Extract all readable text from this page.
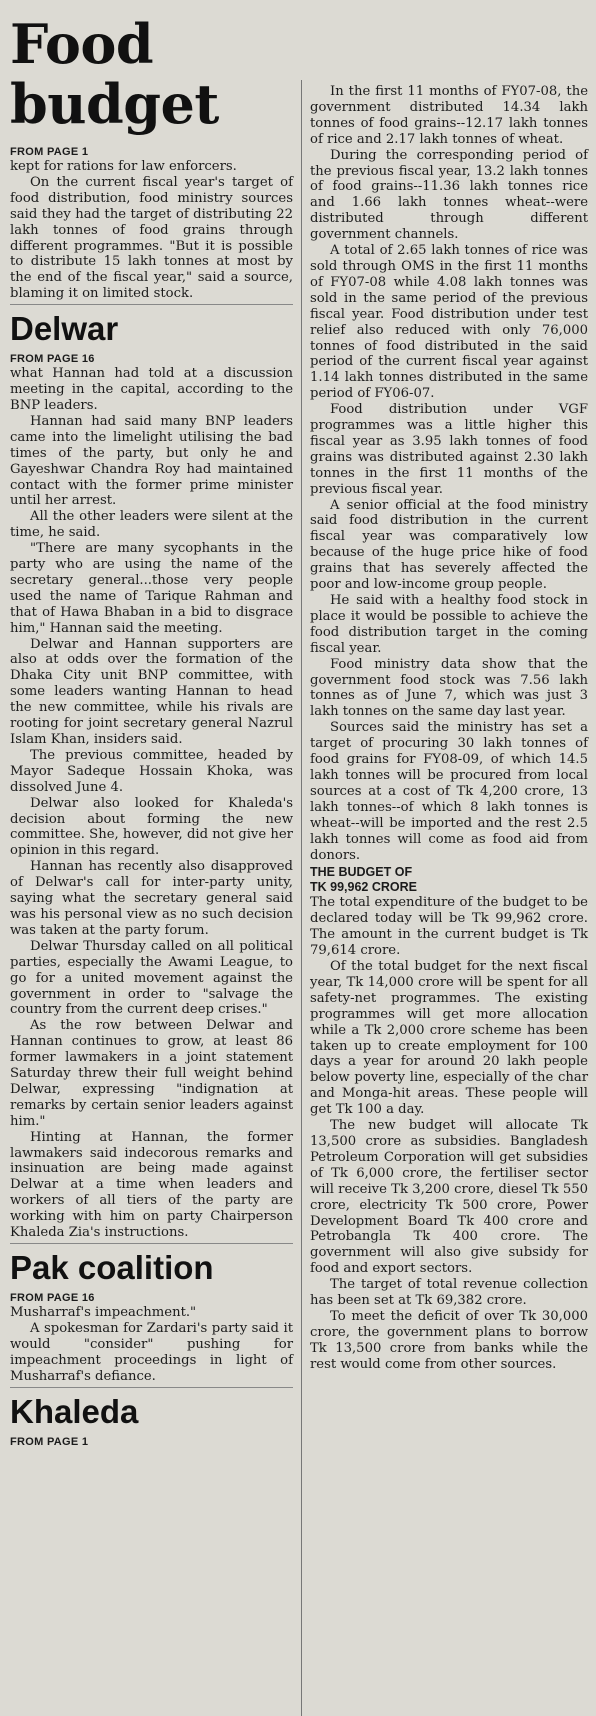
Food budget
FROM PAGE 1

kept for rations for law enforcers.

On the current fiscal year's target of food distribution, food ministry sources said they had the target of distributing 22 lakh tonnes of food grains through different programmes. "But it is possible to distribute 15 lakh tonnes at most by the end of the fiscal year," said a source, blaming it on limited stock.

Delwar
FROM PAGE 16

what Hannan had told at a discussion meeting in the capital, according to the BNP leaders.

Hannan had said many BNP leaders came into the limelight utilising the bad times of the party, but only he and Gayeshwar Chandra Roy had maintained contact with the former prime minister until her arrest.

All the other leaders were silent at the time, he said.

"There are many sycophants in the party who are using the name of the secretary general...those very people used the name of Tarique Rahman and that of Hawa Bhaban in a bid to disgrace him," Hannan said the meeting.

Delwar and Hannan supporters are also at odds over the formation of the Dhaka City unit BNP committee, with some leaders wanting Hannan to head the new committee, while his rivals are rooting for joint secretary general Nazrul Islam Khan, insiders said.

The previous committee, headed by Mayor Sadeque Hossain Khoka, was dissolved June 4.

Delwar also looked for Khaleda's decision about forming the new committee. She, however, did not give her opinion in this regard.

Hannan has recently also disapproved of Delwar's call for inter-party unity, saying what the secretary general said was his personal view as no such decision was taken at the party forum.

Delwar Thursday called on all political parties, especially the Awami League, to go for a united movement against the government in order to "salvage the country from the current deep crises."

As the row between Delwar and Hannan continues to grow, at least 86 former lawmakers in a joint statement Saturday threw their full weight behind Delwar, expressing "indignation at remarks by certain senior leaders against him."

Hinting at Hannan, the former lawmakers said indecorous remarks and insinuation are being made against Delwar at a time when leaders and workers of all tiers of the party are working with him on party Chairperson Khaleda Zia's instructions.

Pak coalition
FROM PAGE 16

Musharraf's impeachment."

A spokesman for Zardari's party said it would "consider" pushing for impeachment proceedings in light of Musharraf's defiance.

Khaleda
FROM PAGE 1

In the first 11 months of FY07-08, the government distributed 14.34 lakh tonnes of food grains--12.17 lakh tonnes of rice and 2.17 lakh tonnes of wheat.

During the corresponding period of the previous fiscal year, 13.2 lakh tonnes of food grains--11.36 lakh tonnes rice and 1.66 lakh tonnes wheat--were distributed through different government channels.

A total of 2.65 lakh tonnes of rice was sold through OMS in the first 11 months of FY07-08 while 4.08 lakh tonnes was sold in the same period of the previous fiscal year. Food distribution under test relief also reduced with only 76,000 tonnes of food distributed in the said period of the current fiscal year against 1.14 lakh tonnes distributed in the same period of FY06-07.

Food distribution under VGF programmes was a little higher this fiscal year as 3.95 lakh tonnes of food grains was distributed against 2.30 lakh tonnes in the first 11 months of the previous fiscal year.

A senior official at the food ministry said food distribution in the current fiscal year was comparatively low because of the huge price hike of food grains that has severely affected the poor and low-income group people.

He said with a healthy food stock in place it would be possible to achieve the food distribution target in the coming fiscal year.

Food ministry data show that the government food stock was 7.56 lakh tonnes as of June 7, which was just 3 lakh tonnes on the same day last year.

Sources said the ministry has set a target of procuring 30 lakh tonnes of food grains for FY08-09, of which 14.5 lakh tonnes will be procured from local sources at a cost of Tk 4,200 crore, 13 lakh tonnes--of which 8 lakh tonnes is wheat--will be imported and the rest 2.5 lakh tonnes will come as food aid from donors.

THE BUDGET OF
TK 99,962 CRORE

The total expenditure of the budget to be declared today will be Tk 99,962 crore. The amount in the current budget is Tk 79,614 crore.

Of the total budget for the next fiscal year, Tk 14,000 crore will be spent for all safety-net programmes. The existing programmes will get more allocation while a Tk 2,000 crore scheme has been taken up to create employment for 100 days a year for around 20 lakh people below poverty line, especially of the char and Monga-hit areas. These people will get Tk 100 a day.

The new budget will allocate Tk 13,500 crore as subsidies. Bangladesh Petroleum Corporation will get subsidies of Tk 6,000 crore, the fertiliser sector will receive Tk 3,200 crore, diesel Tk 550 crore, electricity Tk 500 crore, Power Development Board Tk 400 crore and Petrobangla Tk 400 crore. The government will also give subsidy for food and export sectors.

The target of total revenue collection has been set at Tk 69,382 crore.

To meet the deficit of over Tk 30,000 crore, the government plans to borrow Tk 13,500 crore from banks while the rest would come from other sources.
